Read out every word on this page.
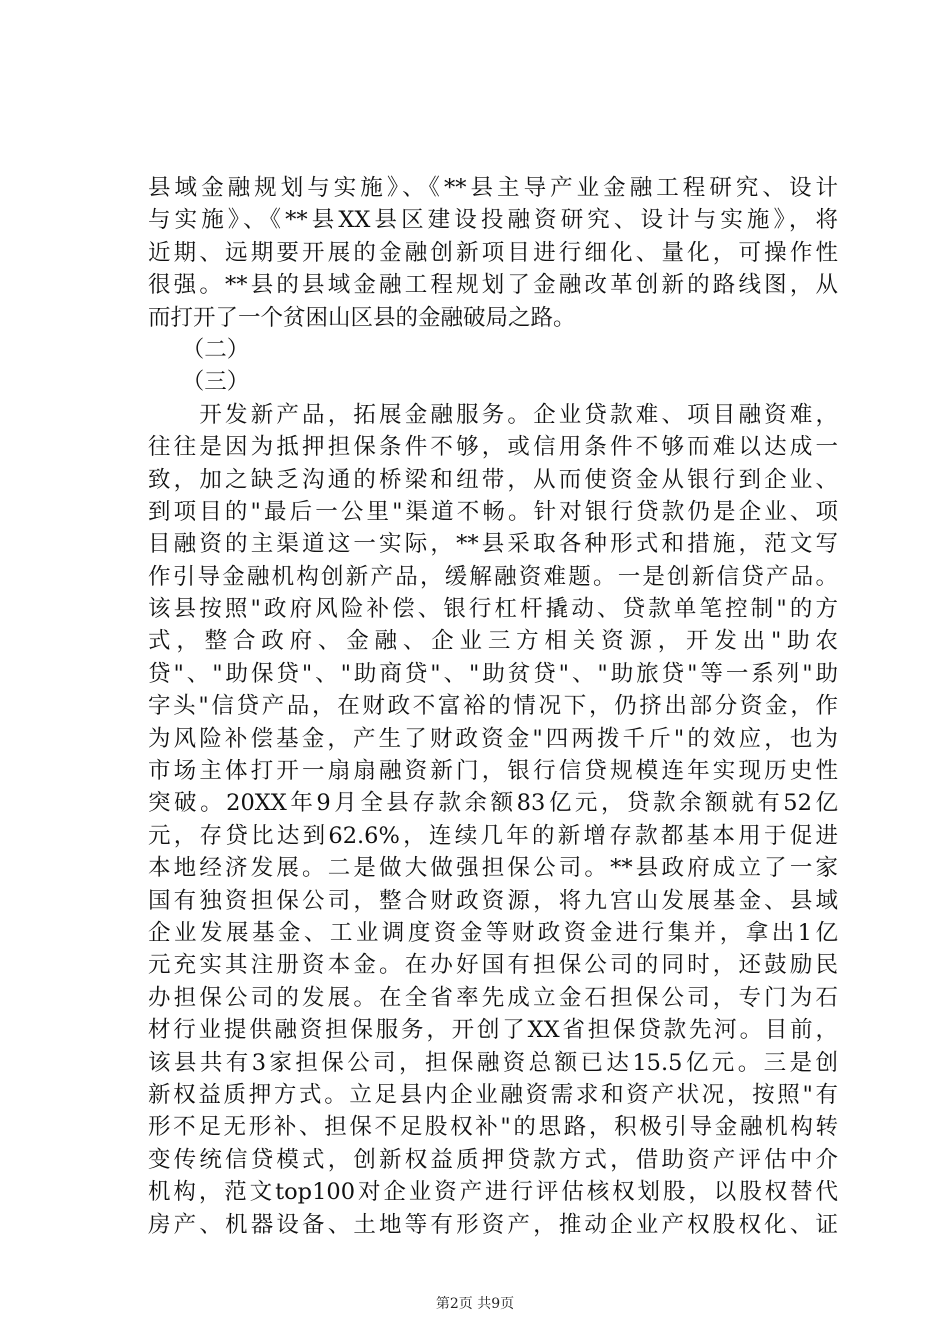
县域金融规划与实施》、《**县主导产业金融工程研究、设计
与实施》、《**县XX县区建设投融资研究、设计与实施》，将
近期、远期要开展的金融创新项目进行细化、量化，可操作性
很强。**县的县域金融工程规划了金融改革创新的路线图，从
而打开了一个贫困山区县的金融破局之路。
　　（二）
　　（三）
　　开发新产品，拓展金融服务。企业贷款难、项目融资难，
往往是因为抵押担保条件不够，或信用条件不够而难以达成一
致，加之缺乏沟通的桥梁和纽带，从而使资金从银行到企业、
到项目的"最后一公里"渠道不畅。针对银行贷款仍是企业、项
目融资的主渠道这一实际，**县采取各种形式和措施，范文写
作引导金融机构创新产品，缓解融资难题。一是创新信贷产品。
该县按照"政府风险补偿、银行杠杆撬动、贷款单笔控制"的方
式，整合政府、金融、企业三方相关资源，开发出"助农
贷"、"助保贷"、"助商贷"、"助贫贷"、"助旅贷"等一系列"助
字头"信贷产品，在财政不富裕的情况下，仍挤出部分资金，作
为风险补偿基金，产生了财政资金"四两拨千斤"的效应，也为
市场主体打开一扇扇融资新门，银行信贷规模连年实现历史性
突破。20XX年9月全县存款余额83亿元，贷款余额就有52亿
元，存贷比达到62.6%，连续几年的新增存款都基本用于促进
本地经济发展。二是做大做强担保公司。**县政府成立了一家
国有独资担保公司，整合财政资源，将九宫山发展基金、县域
企业发展基金、工业调度资金等财政资金进行集并，拿出1亿
元充实其注册资本金。在办好国有担保公司的同时，还鼓励民
办担保公司的发展。在全省率先成立金石担保公司，专门为石
材行业提供融资担保服务，开创了XX省担保贷款先河。目前，
该县共有3家担保公司，担保融资总额已达15.5亿元。三是创
新权益质押方式。立足县内企业融资需求和资产状况，按照"有
形不足无形补、担保不足股权补"的思路，积极引导金融机构转
变传统信贷模式，创新权益质押贷款方式，借助资产评估中介
机构，范文top100对企业资产进行评估核权划股，以股权替代
房产、机器设备、土地等有形资产，推动企业产权股权化、证
第2页 共9页
